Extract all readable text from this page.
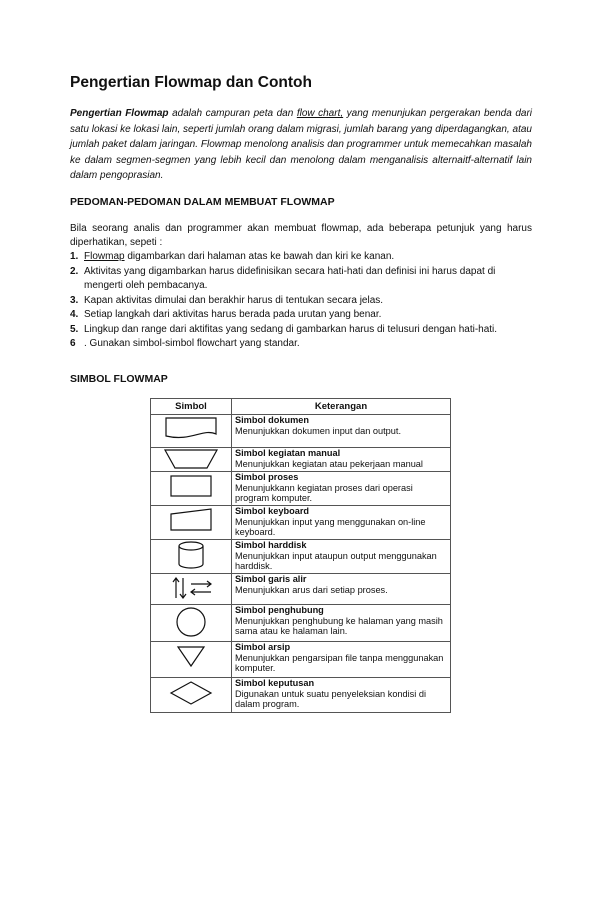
Pengertian Flowmap dan Contoh

Pengertian Flowmap adalah campuran peta dan flow chart, yang menunjukan pergerakan benda dari satu lokasi ke lokasi lain, seperti jumlah orang dalam migrasi, jumlah barang yang diperdagangkan, atau jumlah paket dalam jaringan. Flowmap menolong analisis dan programmer untuk memecahkan masalah ke dalam segmen-segmen yang lebih kecil dan menolong dalam menganalisis alternaitf-alternatif lain dalam pengoprasian.

PEDOMAN-PEDOMAN DALAM MEMBUAT FLOWMAP

Bila seorang analis dan programmer akan membuat flowmap, ada beberapa petunjuk yang harus diperhatikan, sepeti :

1. Flowmap digambarkan dari halaman atas ke bawah dan kiri ke kanan.
2. Aktivitas yang digambarkan harus didefinisikan secara hati-hati dan definisi ini harus dapat di mengerti oleh pembacanya.
3. Kapan aktivitas dimulai dan berakhir harus di tentukan secara jelas.
4. Setiap langkah dari aktivitas harus berada pada urutan yang benar.
5. Lingkup dan range dari aktifitas yang sedang di gambarkan harus di telusuri dengan hati-hati.
6 . Gunakan simbol-simbol flowchart yang standar.
SIMBOL FLOWMAP
Simbol	Keterangan

Simbol dokumen
Menunjukkan dokumen input dan output.

Simbol kegiatan manual
Menunjukkan kegiatan atau pekerjaan manual

Simbol proses
Menunjukkann kegiatan proses dari operasi program komputer.

Simbol keyboard
Menunjukkan input yang menggunakan on-line keyboard.

Simbol harddisk
Menunjukkan input ataupun output menggunakan harddisk.

Simbol garis alir
Menunjukkan arus dari setiap proses.

Simbol penghubung
Menunjukkan penghubung ke halaman yang masih sama atau ke halaman lain.

Simbol arsip
Menunjukkan pengarsipan file tanpa menggunakan komputer.

Simbol keputusan
Digunakan untuk suatu penyeleksian kondisi di dalam program.
